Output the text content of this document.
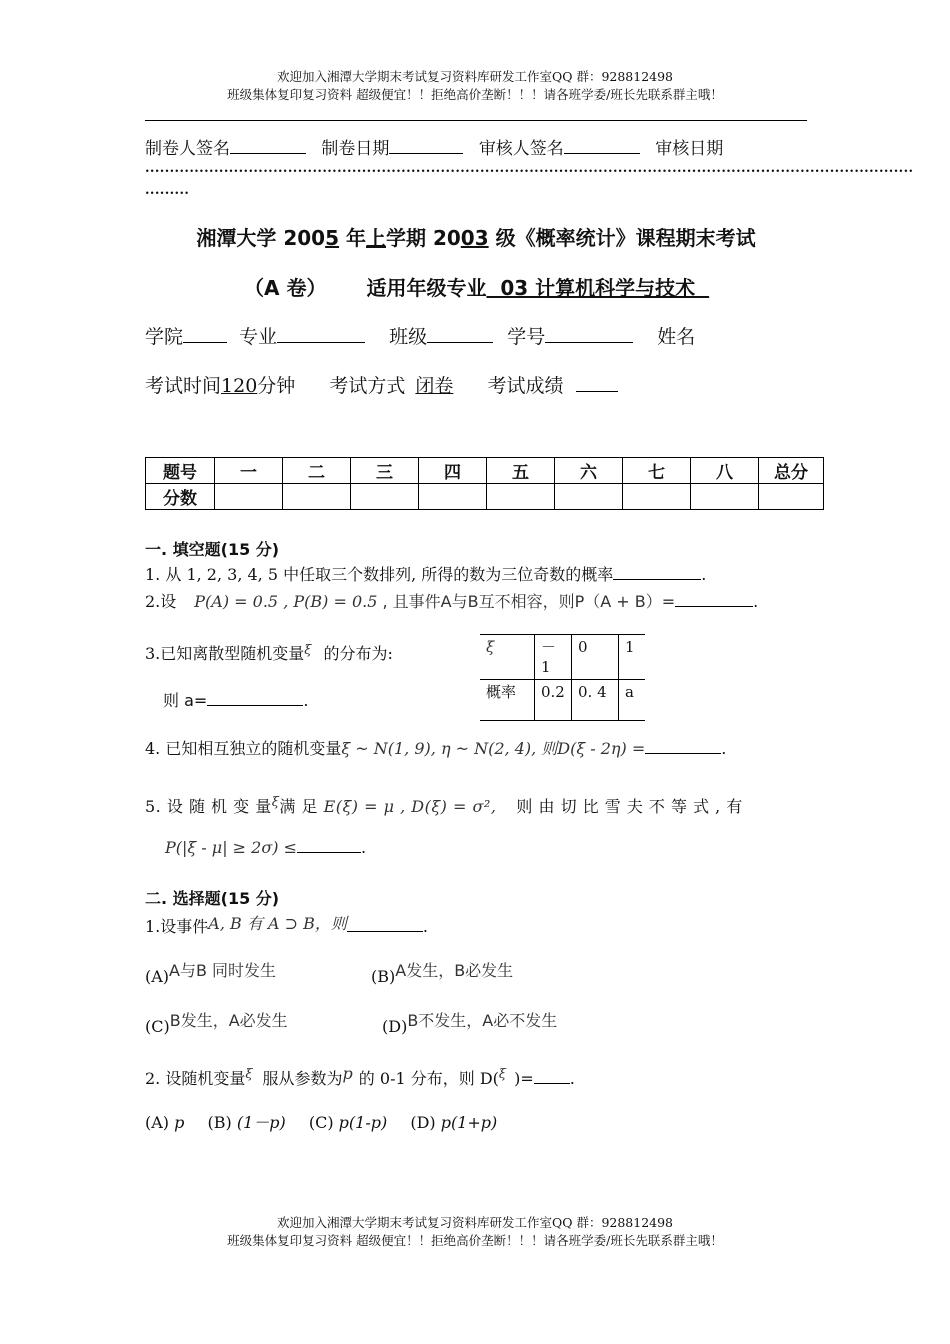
欢迎加入湘潭大学期末考试复习资料库研发工作室QQ 群：928812498
班级集体复印复习资料 超级便宜！！拒绝高价垄断！！！请各班学委/班长先联系群主哦！
制卷人签名	制卷日期	审核人签名	审核日期
............................................................................................................................................................
.........
湘潭大学 2005 年上学期 2003 级《概率统计》课程期末考试
（A 卷） 适用年级专业  03 计算机科学与技术
学院	专业	班级	学号	姓名
考试时间120分钟 考试方式 闭卷 考试成绩
题号	一	二	三	四	五	六	七	八	总分
分数									
一. 填空题(15 分)
1. 从 1, 2, 3, 4, 5 中任取三个数排列, 所得的数为三位奇数的概率	.
2.设 P(A) = 0.5 , P(B) = 0.5 , 且事件A与B互不相容，则P（A + B）=	.
3.已知离散型随机变量$^\xi$ 的分布为:
则 a=	.
ξ	－1	0	1
概率	0.2	0. 4	a
4. 已知相互独立的随机变量ξ ~ N(1, 9), η ~ N(2, 4), 则D(ξ - 2η) =	.
5. 设 随 机 变 量$^\xi$满 足 E(ξ) = μ , D(ξ) = σ², 则 由 切 比 雪 夫 不 等 式 , 有
P(|ξ - μ| ≥ 2σ) ≤	.
二. 选择题(15 分)
1.设事件A, B 有 A ⊃ B，则	.
(A)A与B 同时发生	(B)A发生，B必发生
(C)B发生，A必发生	(D)B不发生，A必不发生
2. 设随机变量$^\xi$ 服从参数为p 的 0-1 分布，则 D($^\xi$ )= .
(A) p (B) (1－p) (C) p(1-p) (D) p(1+p)
欢迎加入湘潭大学期末考试复习资料库研发工作室QQ 群：928812498
班级集体复印复习资料 超级便宜！！拒绝高价垄断！！！请各班学委/班长先联系群主哦！
